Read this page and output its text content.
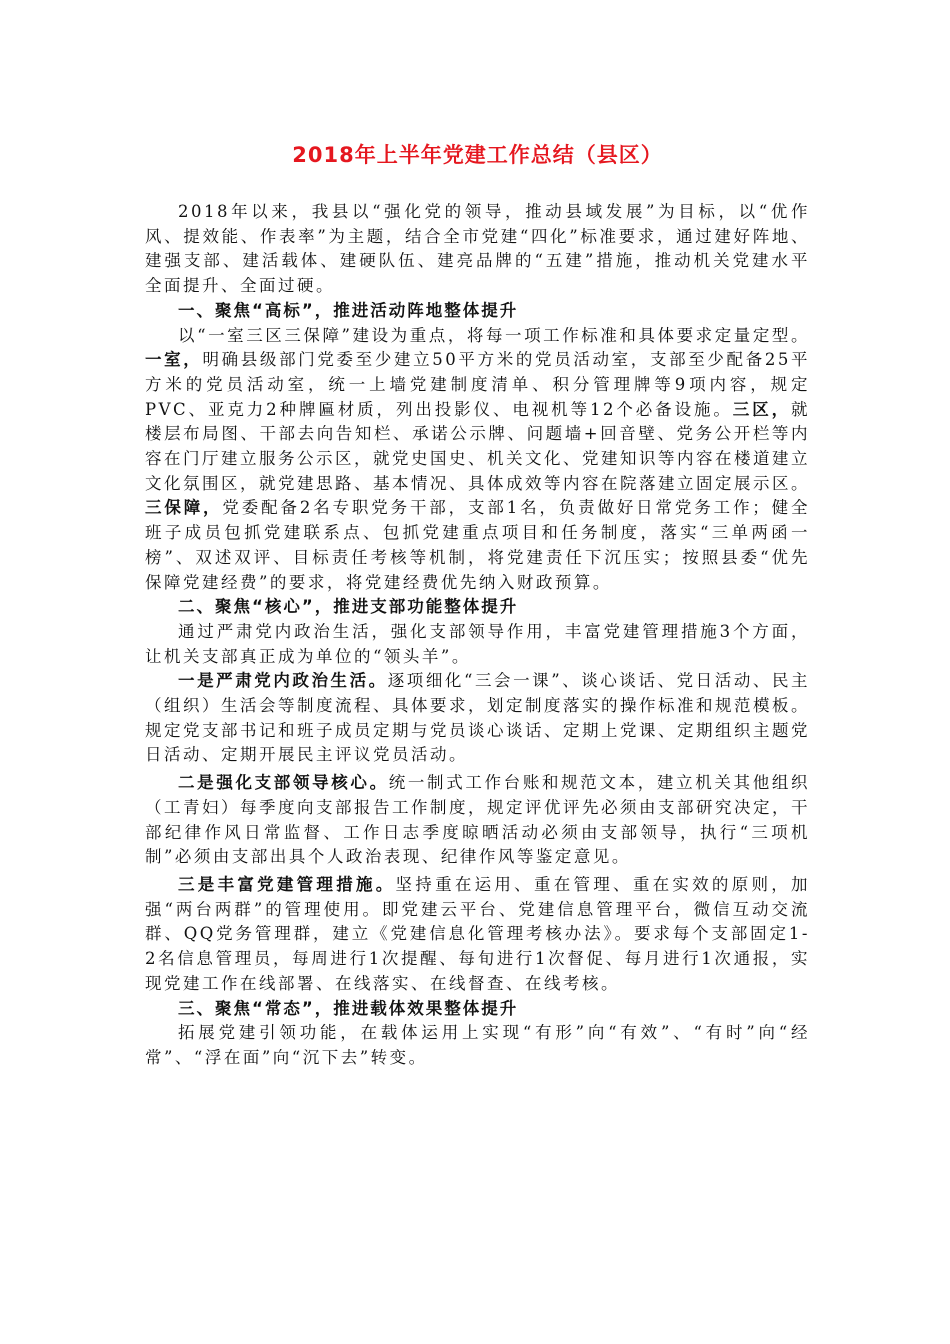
2018年上半年党建工作总结（县区）

2018年以来，我县以“强化党的领导，推动县域发展”为目标，以“优作风、提效能、作表率”为主题，结合全市党建“四化”标准要求，通过建好阵地、建强支部、建活载体、建硬队伍、建亮品牌的“五建”措施，推动机关党建水平全面提升、全面过硬。

一、聚焦“高标”，推进活动阵地整体提升

以“一室三区三保障”建设为重点，将每一项工作标准和具体要求定量定型。一室，明确县级部门党委至少建立50平方米的党员活动室，支部至少配备25平方米的党员活动室，统一上墙党建制度清单、积分管理牌等9项内容，规定PVC、亚克力2种牌匾材质，列出投影仪、电视机等12个必备设施。三区，就楼层布局图、干部去向告知栏、承诺公示牌、问题墙+回音壁、党务公开栏等内容在门厅建立服务公示区，就党史国史、机关文化、党建知识等内容在楼道建立文化氛围区，就党建思路、基本情况、具体成效等内容在院落建立固定展示区。三保障，党委配备2名专职党务干部，支部1名，负责做好日常党务工作；健全班子成员包抓党建联系点、包抓党建重点项目和任务制度，落实“三单两函一榜”、双述双评、目标责任考核等机制，将党建责任下沉压实；按照县委“优先保障党建经费”的要求，将党建经费优先纳入财政预算。

二、聚焦“核心”，推进支部功能整体提升

通过严肃党内政治生活，强化支部领导作用，丰富党建管理措施3个方面，让机关支部真正成为单位的“领头羊”。

一是严肃党内政治生活。逐项细化“三会一课”、谈心谈话、党日活动、民主（组织）生活会等制度流程、具体要求，划定制度落实的操作标准和规范模板。规定党支部书记和班子成员定期与党员谈心谈话、定期上党课、定期组织主题党日活动、定期开展民主评议党员活动。

二是强化支部领导核心。统一制式工作台账和规范文本，建立机关其他组织（工青妇）每季度向支部报告工作制度，规定评优评先必须由支部研究决定，干部纪律作风日常监督、工作日志季度晾晒活动必须由支部领导，执行“三项机制”必须由支部出具个人政治表现、纪律作风等鉴定意见。

三是丰富党建管理措施。坚持重在运用、重在管理、重在实效的原则，加强“两台两群”的管理使用。即党建云平台、党建信息管理平台，微信互动交流群、QQ党务管理群，建立《党建信息化管理考核办法》。要求每个支部固定1-2名信息管理员，每周进行1次提醒、每旬进行1次督促、每月进行1次通报，实现党建工作在线部署、在线落实、在线督查、在线考核。

三、聚焦“常态”，推进载体效果整体提升

拓展党建引领功能，在载体运用上实现“有形”向“有效”、“有时”向“经常”、“浮在面”向“沉下去”转变。
